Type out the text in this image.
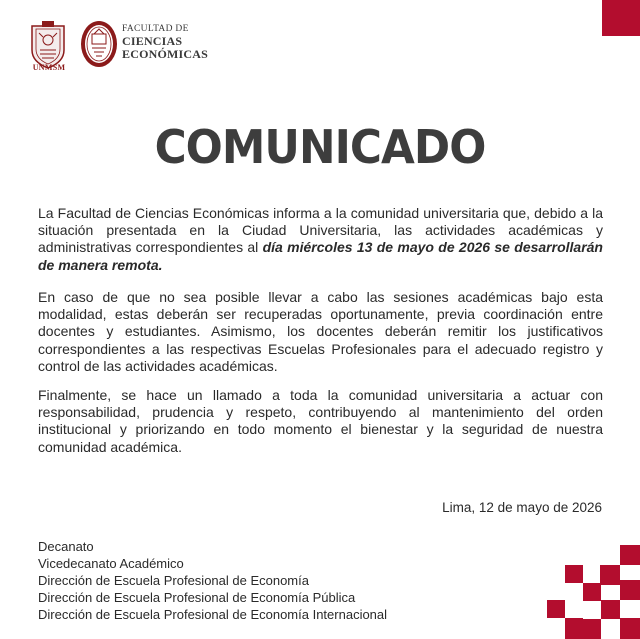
UNMSM
FACULTAD DE
CIENCIAS
ECONÓMICAS
COMUNICADO

La Facultad de Ciencias Económicas informa a la comunidad universitaria que, debido a la situación presentada en la Ciudad Universitaria, las actividades académicas y administrativas correspondientes al día miércoles 13 de mayo de 2026 se desarrollarán de manera remota.

En caso de que no sea posible llevar a cabo las sesiones académicas bajo esta modalidad, estas deberán ser recuperadas oportunamente, previa coordinación entre docentes y estudiantes. Asimismo, los docentes deberán remitir los justificativos correspondientes a las respectivas Escuelas Profesionales para el adecuado registro y control de las actividades académicas.

Finalmente, se hace un llamado a toda la comunidad universitaria a actuar con responsabilidad, prudencia y respeto, contribuyendo al mantenimiento del orden institucional y priorizando en todo momento el bienestar y la seguridad de nuestra comunidad académica.

Lima, 12 de mayo de 2026
Decanato
Vicedecanato Académico
Dirección de Escuela Profesional de Economía
Dirección de Escuela Profesional de Economía Pública
Dirección de Escuela Profesional de Economía Internacional
